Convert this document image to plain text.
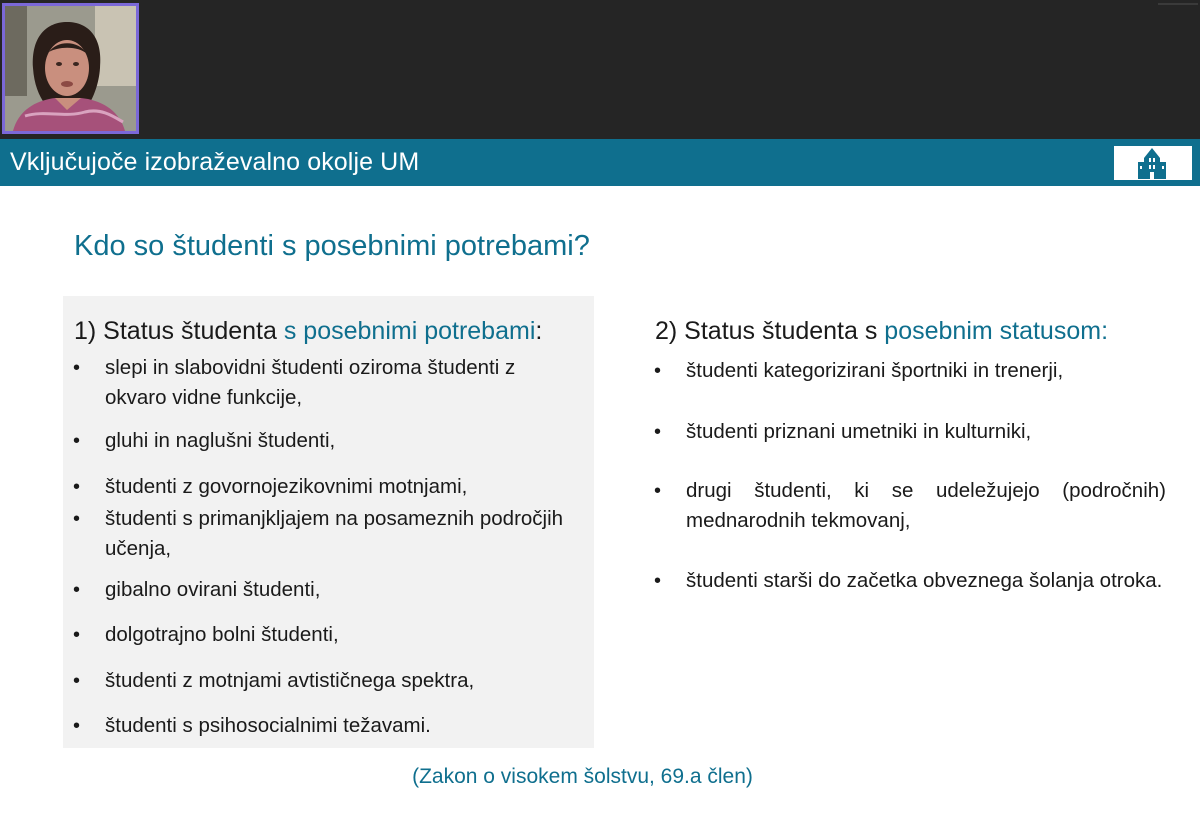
Vključujoče izobraževalno okolje UM
Kdo so študenti s posebnimi potrebami?
1) Status študenta s posebnimi potrebami:
• slepi in slabovidni študenti oziroma študenti z okvaro vidne funkcije,
• gluhi in naglušni študenti,
• študenti z govornojezikovnimi motnjami,
• študenti s primanjkljajem na posameznih področjih učenja,
• gibalno ovirani študenti,
• dolgotrajno bolni študenti,
• študenti z motnjami avtističnega spektra,
• študenti s psihosocialnimi težavami.
2) Status študenta s posebnim statusom:
• študenti kategorizirani športniki in trenerji,
• študenti priznani umetniki in kulturniki,
• drugi študenti, ki se udeležujejo (področnih) mednarodnih tekmovanj,
• študenti starši do začetka obveznega šolanja otroka.
(Zakon o visokem šolstvu, 69.a člen)
